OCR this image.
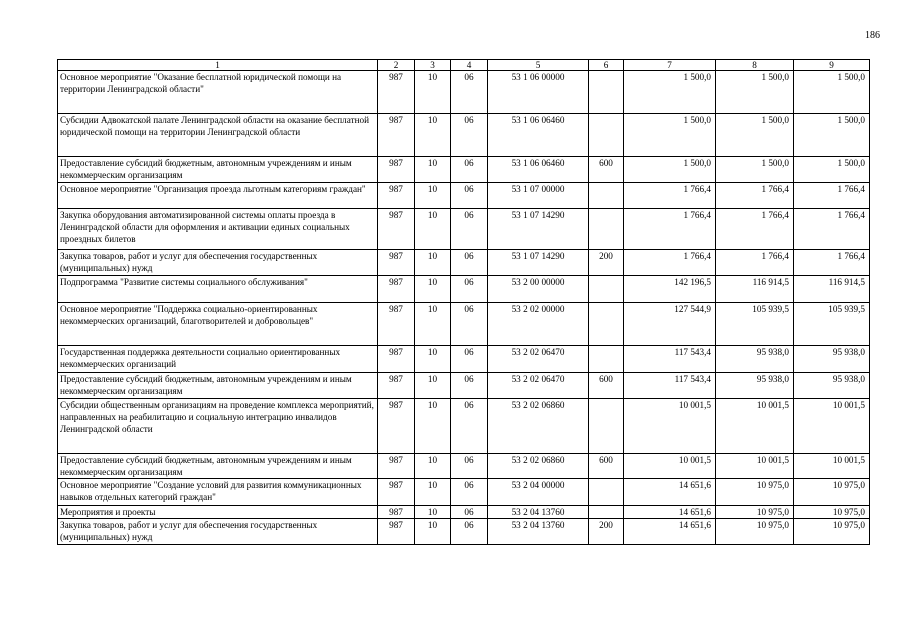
186
1	2	3	4	5	6	7	8	9
Основное мероприятие "Оказание бесплатной юридической помощи на территории Ленинградской области"	987	10	06	53 1 06 00000		1 500,0	1 500,0	1 500,0
Субсидии Адвокатской палате Ленинградской области на оказание бесплатной юридической помощи на территории Ленинградской области	987	10	06	53 1 06 06460		1 500,0	1 500,0	1 500,0
Предоставление субсидий бюджетным, автономным учреждениям и иным некоммерческим организациям	987	10	06	53 1 06 06460	600	1 500,0	1 500,0	1 500,0
Основное мероприятие "Организация проезда льготным категориям граждан"	987	10	06	53 1 07 00000		1 766,4	1 766,4	1 766,4
Закупка оборудования автоматизированной системы оплаты проезда в Ленинградской области для оформления и активации единых социальных проездных билетов	987	10	06	53 1 07 14290		1 766,4	1 766,4	1 766,4
Закупка товаров, работ и услуг для обеспечения государственных (муниципальных) нужд	987	10	06	53 1 07 14290	200	1 766,4	1 766,4	1 766,4
Подпрограмма "Развитие системы социального обслуживания"	987	10	06	53 2 00 00000		142 196,5	116 914,5	116 914,5
Основное мероприятие "Поддержка социально-ориентированных некоммерческих организаций, благотворителей и добровольцев"	987	10	06	53 2 02 00000		127 544,9	105 939,5	105 939,5
Государственная поддержка деятельности социально ориентированных некоммерческих организаций	987	10	06	53 2 02 06470		117 543,4	95 938,0	95 938,0
Предоставление субсидий бюджетным, автономным учреждениям и иным некоммерческим организациям	987	10	06	53 2 02 06470	600	117 543,4	95 938,0	95 938,0
Субсидии общественным организациям на проведение комплекса мероприятий, направленных на реабилитацию и социальную интеграцию инвалидов Ленинградской области	987	10	06	53 2 02 06860		10 001,5	10 001,5	10 001,5
Предоставление субсидий бюджетным, автономным учреждениям и иным некоммерческим организациям	987	10	06	53 2 02 06860	600	10 001,5	10 001,5	10 001,5
Основное мероприятие "Создание условий для развития коммуникационных навыков отдельных категорий граждан"	987	10	06	53 2 04 00000		14 651,6	10 975,0	10 975,0
Мероприятия и проекты	987	10	06	53 2 04 13760		14 651,6	10 975,0	10 975,0
Закупка товаров, работ и услуг для обеспечения государственных (муниципальных) нужд	987	10	06	53 2 04 13760	200	14 651,6	10 975,0	10 975,0
